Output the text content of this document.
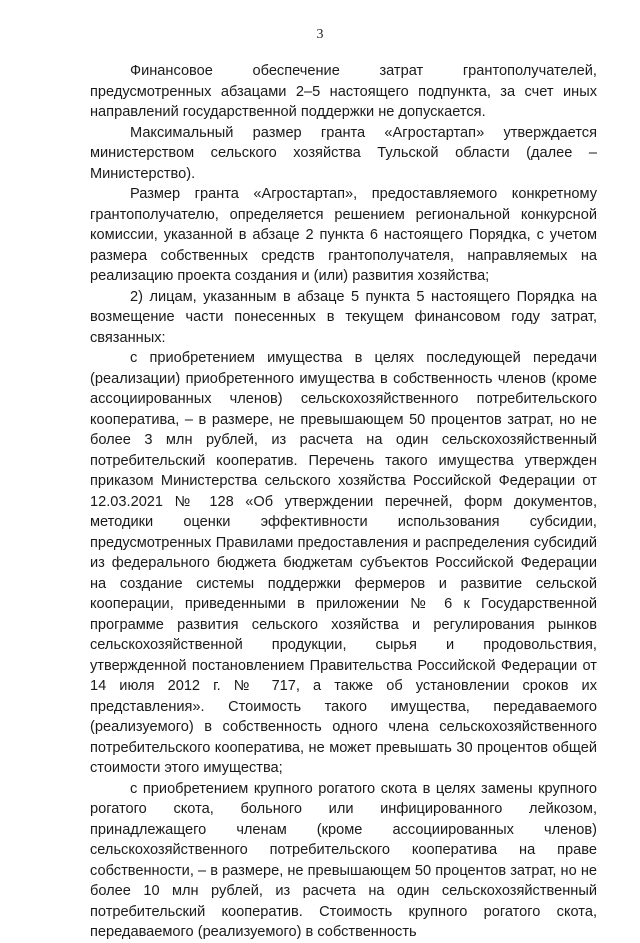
3

Финансовое обеспечение затрат грантополучателей, предусмотренных абзацами 2–5 настоящего подпункта, за счет иных направлений государственной поддержки не допускается.

Максимальный размер гранта «Агростартап» утверждается министерством сельского хозяйства Тульской области (далее – Министерство).

Размер гранта «Агростартап», предоставляемого конкретному грантополучателю, определяется решением региональной конкурсной комиссии, указанной в абзаце 2 пункта 6 настоящего Порядка, с учетом размера собственных средств грантополучателя, направляемых на реализацию проекта создания и (или) развития хозяйства;

2) лицам, указанным в абзаце 5 пункта 5 настоящего Порядка на возмещение части понесенных в текущем финансовом году затрат, связанных:

с приобретением имущества в целях последующей передачи (реализации) приобретенного имущества в собственность членов (кроме ассоциированных членов) сельскохозяйственного потребительского кооператива, – в размере, не превышающем 50 процентов затрат, но не более 3 млн рублей, из расчета на один сельскохозяйственный потребительский кооператив. Перечень такого имущества утвержден приказом Министерства сельского хозяйства Российской Федерации от 12.03.2021 № 128 «Об утверждении перечней, форм документов, методики оценки эффективности использования субсидии, предусмотренных Правилами предоставления и распределения субсидий из федерального бюджета бюджетам субъектов Российской Федерации на создание системы поддержки фермеров и развитие сельской кооперации, приведенными в приложении № 6 к Государственной программе развития сельского хозяйства и регулирования рынков сельскохозяйственной продукции, сырья и продовольствия, утвержденной постановлением Правительства Российской Федерации от 14 июля 2012 г. № 717, а также об установлении сроков их представления». Стоимость такого имущества, передаваемого (реализуемого) в собственность одного члена сельскохозяйственного потребительского кооператива, не может превышать 30 процентов общей стоимости этого имущества;

с приобретением крупного рогатого скота в целях замены крупного рогатого скота, больного или инфицированного лейкозом, принадлежащего членам (кроме ассоциированных членов) сельскохозяйственного потребительского кооператива на праве собственности, – в размере, не превышающем 50 процентов затрат, но не более 10 млн рублей, из расчета на один сельскохозяйственный потребительский кооператив. Стоимость крупного рогатого скота, передаваемого (реализуемого) в собственность
